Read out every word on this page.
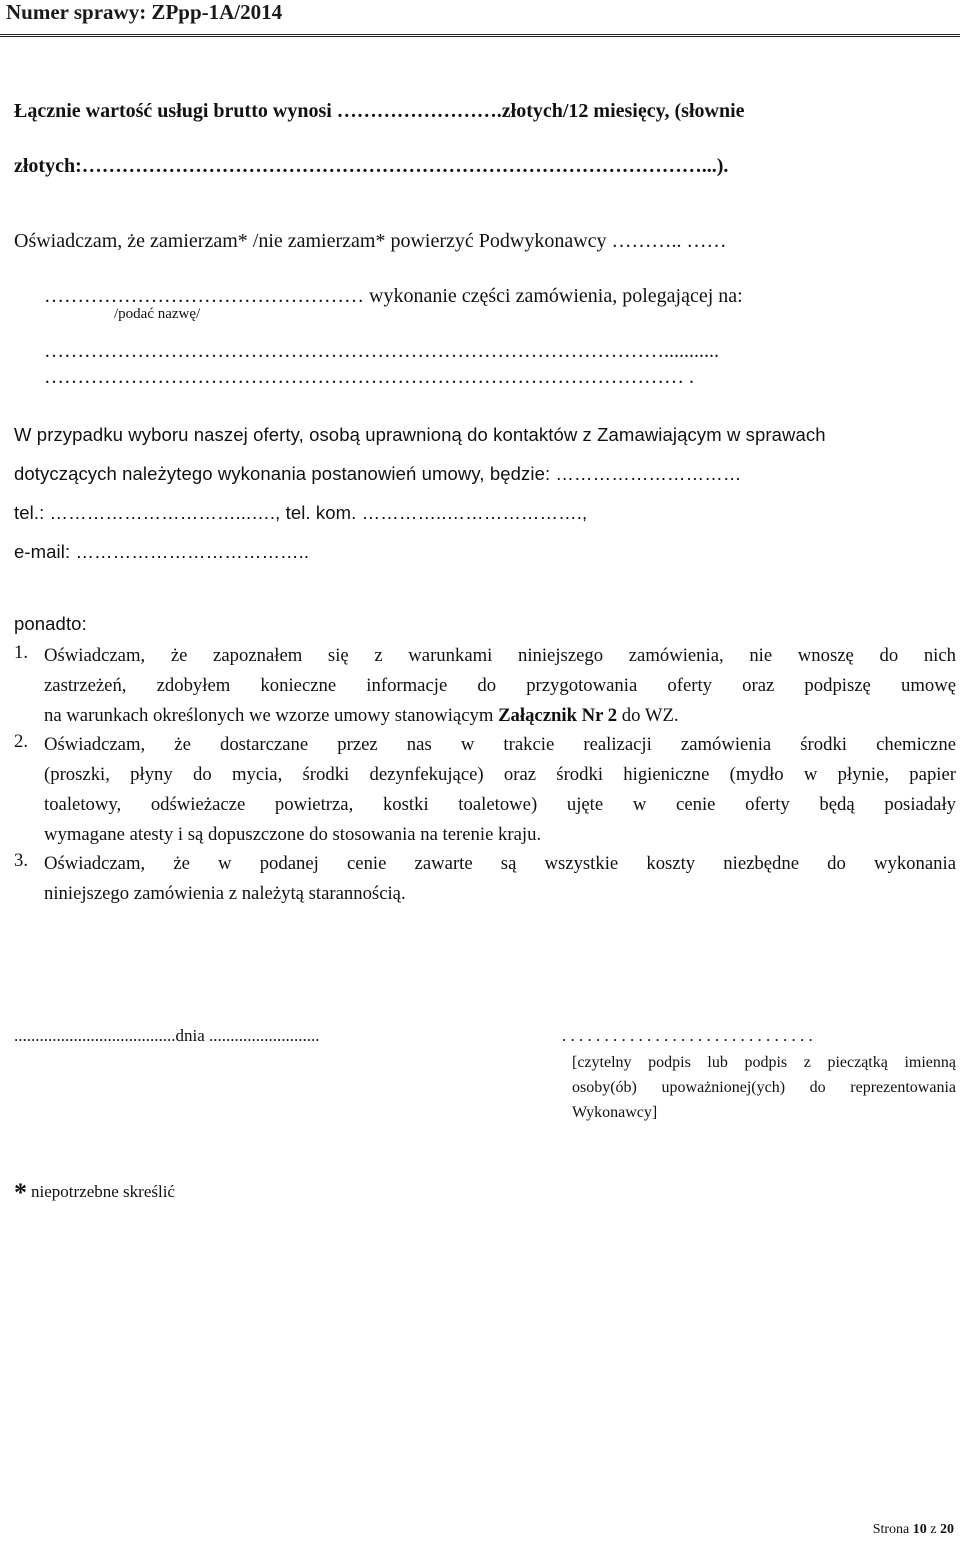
Numer sprawy: ZPpp-1A/2014
Łącznie wartość usługi brutto wynosi …………………….złotych/12 miesięcy, (słownie
złotych:…………………………………………………………………………………...).
Oświadczam, że zamierzam* /nie zamierzam* powierzyć Podwykonawcy ……….. ……
………………………………………… wykonanie części zamówienia, polegającej na:
/podać nazwę/
…………………………………………………………………………………...........
…………………………………………………………………………………… .
W przypadku wyboru naszej oferty, osobą uprawnioną do kontaktów z Zamawiającym w sprawach
dotyczących należytego wykonania postanowień umowy, będzie: …………………………
tel.: …………………………...…., tel. kom. …………..………………….,
e-mail: ………………………………..
ponadto:
1. Oświadczam, że zapoznałem się z warunkami niniejszego zamówienia, nie wnoszę do nich
zastrzeżeń, zdobyłem konieczne informacje do przygotowania oferty oraz podpiszę umowę
na warunkach określonych we wzorze umowy stanowiącym Załącznik Nr 2 do WZ.
2. Oświadczam, że dostarczane przez nas w trakcie realizacji zamówienia środki chemiczne
(proszki, płyny do mycia, środki dezynfekujące) oraz środki higieniczne (mydło w płynie, papier
toaletowy, odświeżacze powietrza, kostki toaletowe) ujęte w cenie oferty będą posiadały
wymagane atesty i są dopuszczone do stosowania na terenie kraju.
3. Oświadczam, że w podanej cenie zawarte są wszystkie koszty niezbędne do wykonania
niniejszego zamówienia z należytą starannością.
......................................dnia ..........................	. . . . . . . . . . . . . . . . . . . . . . . . . . . . . .
[czytelny podpis lub podpis z pieczątką imienną
osoby(ób) upoważnionej(ych) do reprezentowania
Wykonawcy]
* niepotrzebne skreślić
Strona 10 z 20
